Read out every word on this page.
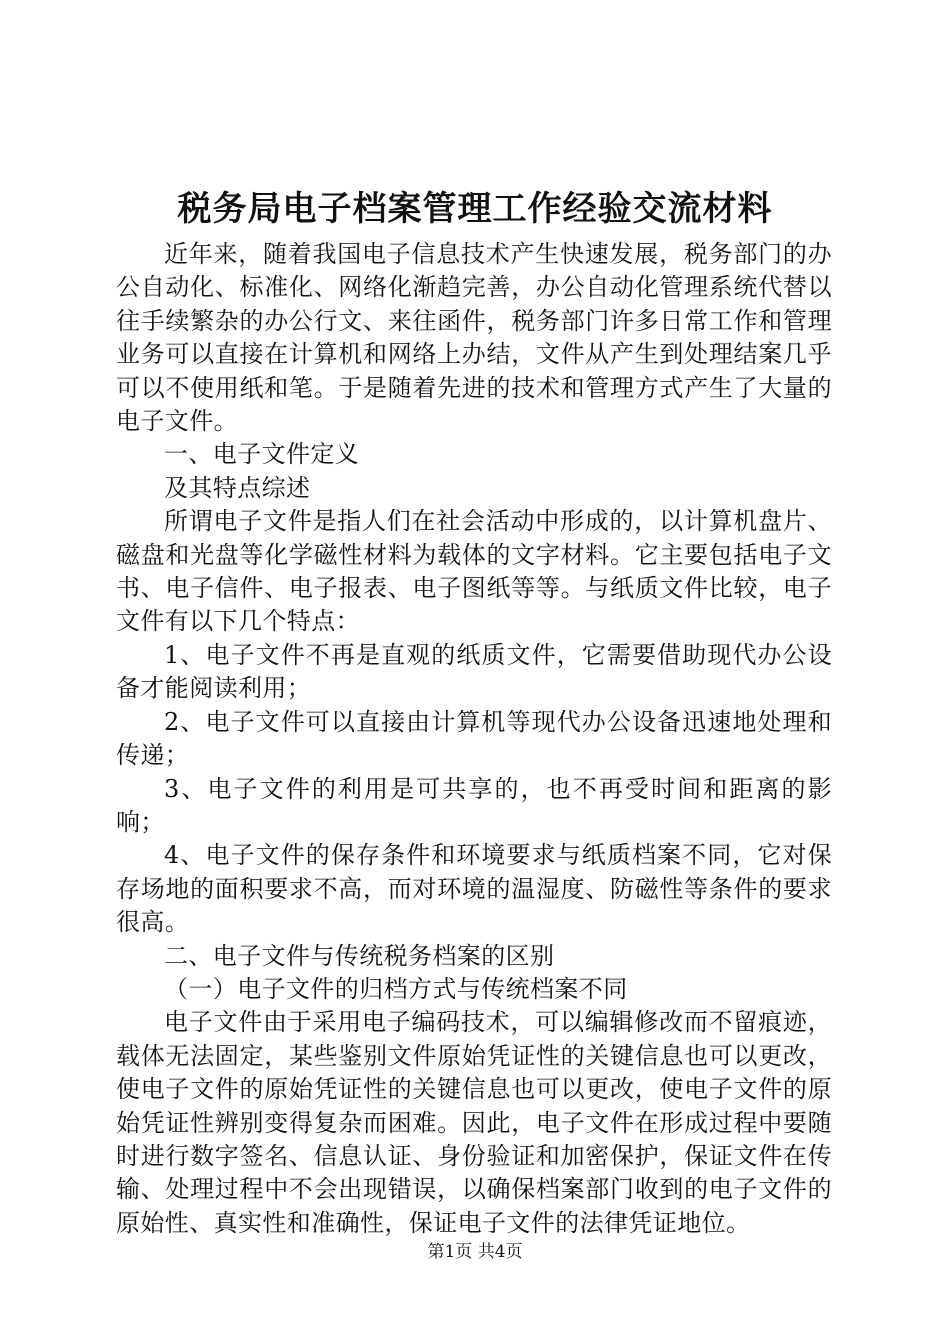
税务局电子档案管理工作经验交流材料

近年来，随着我国电子信息技术产生快速发展，税务部门的办公自动化、标准化、网络化渐趋完善，办公自动化管理系统代替以往手续繁杂的办公行文、来往函件，税务部门许多日常工作和管理业务可以直接在计算机和网络上办结，文件从产生到处理结案几乎可以不使用纸和笔。于是随着先进的技术和管理方式产生了大量的电子文件。

一、电子文件定义

及其特点综述

所谓电子文件是指人们在社会活动中形成的，以计算机盘片、磁盘和光盘等化学磁性材料为载体的文字材料。它主要包括电子文书、电子信件、电子报表、电子图纸等等。与纸质文件比较，电子文件有以下几个特点：

1、电子文件不再是直观的纸质文件，它需要借助现代办公设备才能阅读利用；

2、电子文件可以直接由计算机等现代办公设备迅速地处理和传递；

3、电子文件的利用是可共享的，也不再受时间和距离的影响；

4、电子文件的保存条件和环境要求与纸质档案不同，它对保存场地的面积要求不高，而对环境的温湿度、防磁性等条件的要求很高。

二、电子文件与传统税务档案的区别

（一）电子文件的归档方式与传统档案不同

电子文件由于采用电子编码技术，可以编辑修改而不留痕迹，载体无法固定，某些鉴别文件原始凭证性的关键信息也可以更改，使电子文件的原始凭证性的关键信息也可以更改，使电子文件的原始凭证性辨别变得复杂而困难。因此，电子文件在形成过程中要随时进行数字签名、信息认证、身份验证和加密保护，保证文件在传输、处理过程中不会出现错误，以确保档案部门收到的电子文件的原始性、真实性和准确性，保证电子文件的法律凭证地位。

第1页 共4页
